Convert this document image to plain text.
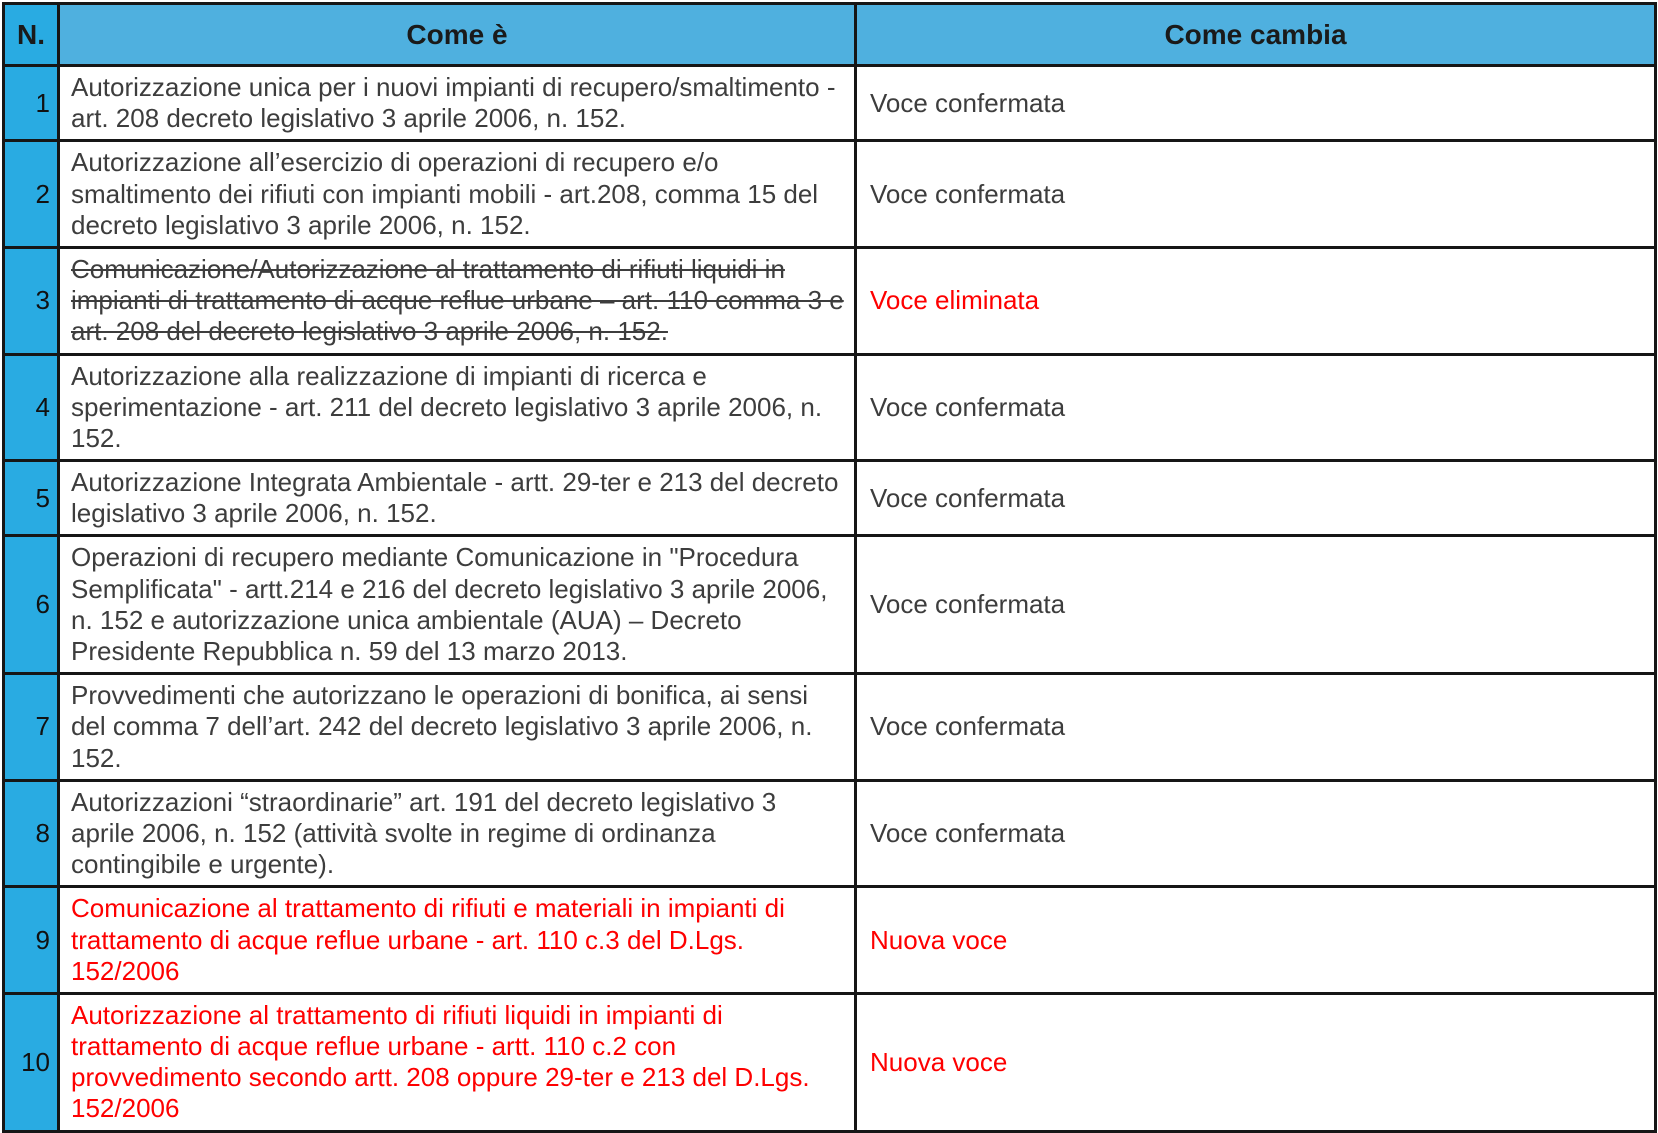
N.	Come è	Come cambia
1	Autorizzazione unica per i nuovi impianti di recupero/smaltimento - art. 208 decreto legislativo 3 aprile 2006, n. 152.	Voce confermata
2	Autorizzazione all’esercizio di operazioni di recupero e/o smaltimento dei rifiuti con impianti mobili - art.208, comma 15 del decreto legislativo 3 aprile 2006, n. 152.	Voce confermata
3	Comunicazione/Autorizzazione al trattamento di rifiuti liquidi in impianti di trattamento di acque reflue urbane – art. 110 comma 3 e art. 208 del decreto legislativo 3 aprile 2006, n. 152.	Voce eliminata
4	Autorizzazione alla realizzazione di impianti di ricerca e sperimentazione - art. 211 del decreto legislativo 3 aprile 2006, n. 152.	Voce confermata
5	Autorizzazione Integrata Ambientale - artt. 29-ter e 213 del decreto legislativo 3 aprile 2006, n. 152.	Voce confermata
6	Operazioni di recupero mediante Comunicazione in "Procedura Semplificata" - artt.214 e 216 del decreto legislativo 3 aprile 2006, n. 152 e autorizzazione unica ambientale (AUA) – Decreto Presidente Repubblica n. 59 del 13 marzo 2013.	Voce confermata
7	Provvedimenti che autorizzano le operazioni di bonifica, ai sensi del comma 7 dell’art. 242 del decreto legislativo 3 aprile 2006, n. 152.	Voce confermata
8	Autorizzazioni “straordinarie” art. 191 del decreto legislativo 3 aprile 2006, n. 152 (attività svolte in regime di ordinanza contingibile e urgente).	Voce confermata
9	Comunicazione al trattamento di rifiuti e materiali in impianti di trattamento di acque reflue urbane - art. 110 c.3 del D.Lgs. 152/2006	Nuova voce
10	Autorizzazione al trattamento di rifiuti liquidi in impianti di trattamento di acque reflue urbane - artt. 110 c.2 con provvedimento secondo artt. 208 oppure 29-ter e 213 del D.Lgs. 152/2006	Nuova voce
